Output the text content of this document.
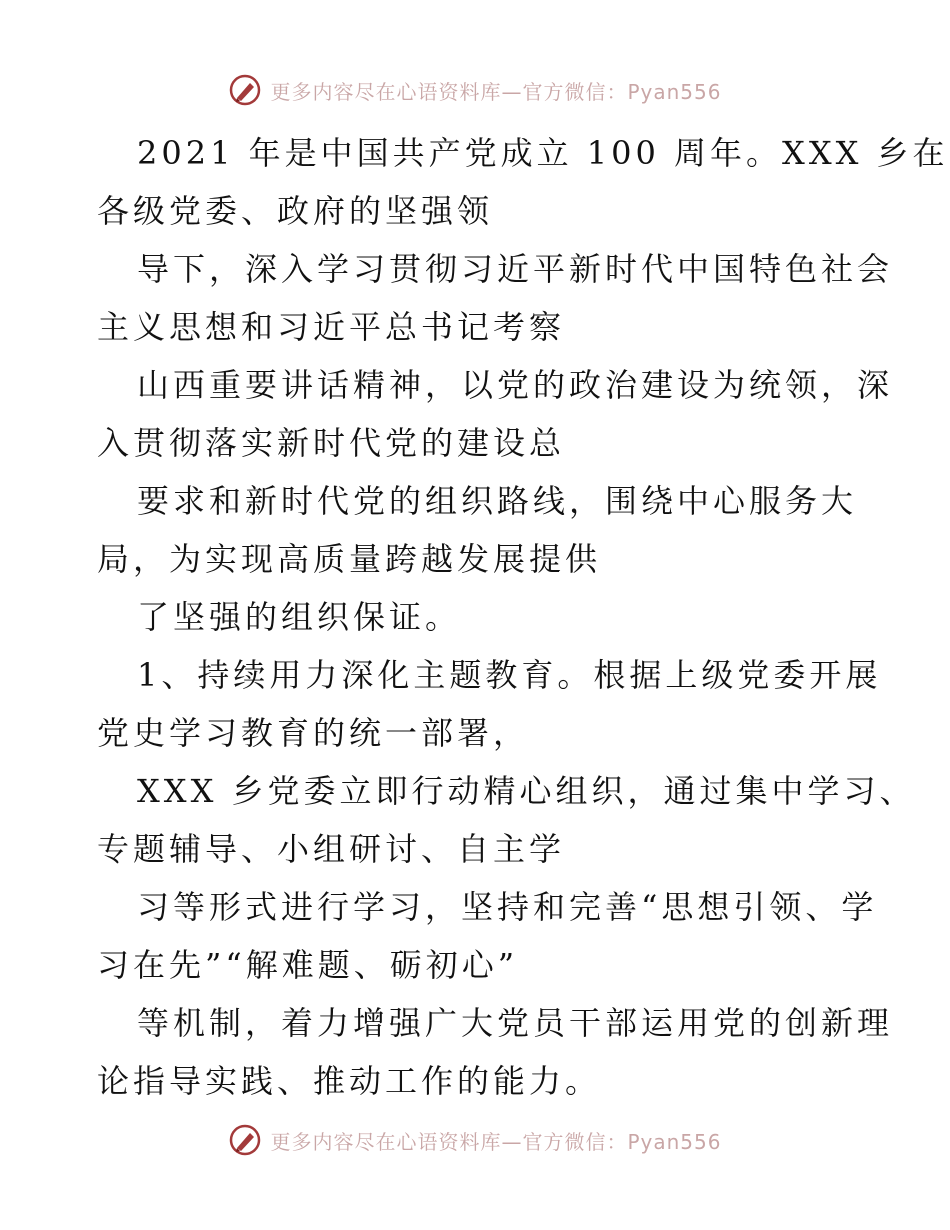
更多内容尽在心语资料库—官方微信：Pyan556
2021 年是中国共产党成立 100 周年。XXX 乡在
各级党委、政府的坚强领
导下，深入学习贯彻习近平新时代中国特色社会
主义思想和习近平总书记考察
山西重要讲话精神，以党的政治建设为统领，深
入贯彻落实新时代党的建设总
要求和新时代党的组织路线，围绕中心服务大
局，为实现高质量跨越发展提供
了坚强的组织保证。
1、持续用力深化主题教育。根据上级党委开展
党史学习教育的统一部署，
XXX 乡党委立即行动精心组织，通过集中学习、
专题辅导、小组研讨、自主学
习等形式进行学习，坚持和完善“思想引领、学
习在先”“解难题、砺初心”
等机制，着力增强广大党员干部运用党的创新理
论指导实践、推动工作的能力。
更多内容尽在心语资料库—官方微信：Pyan556
